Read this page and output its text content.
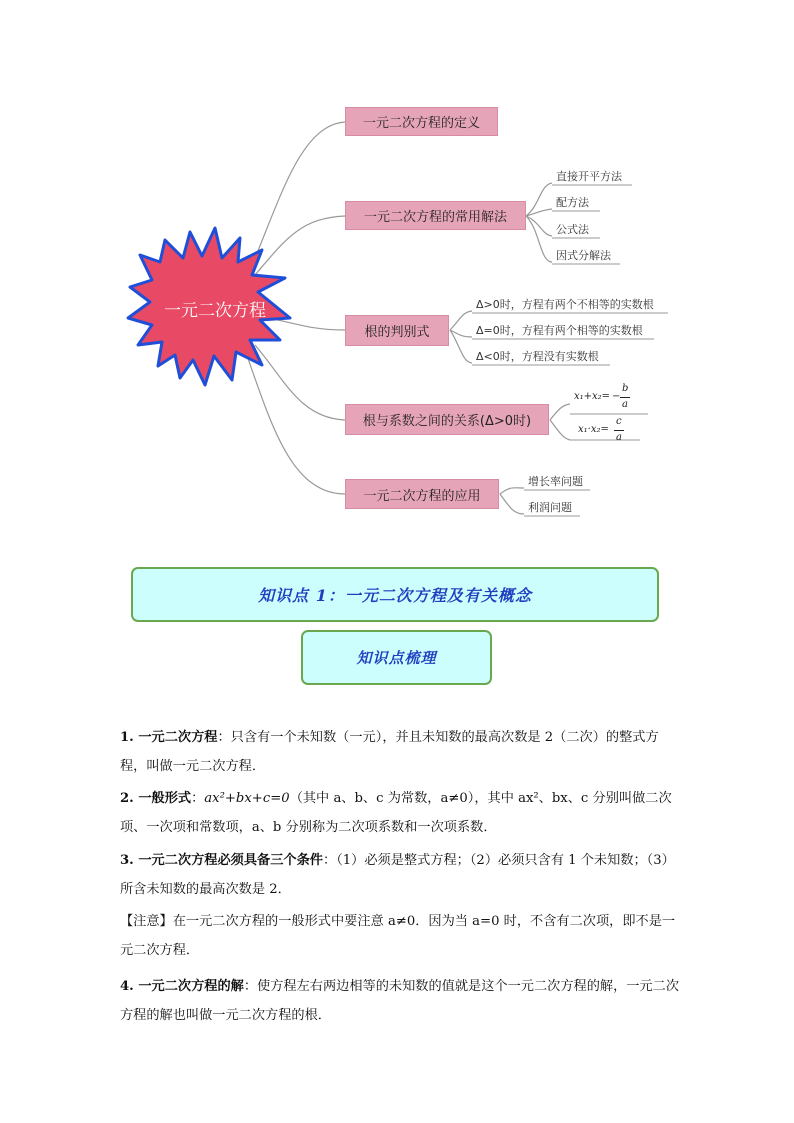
一元二次方程
一元二次方程的定义
一元二次方程的常用解法
根的判别式
根与系数之间的关系(Δ>0时)
一元二次方程的应用
直接开平方法
配方法
公式法
因式分解法
Δ>0时，方程有两个不相等的实数根
Δ=0时，方程有两个相等的实数根
Δ<0时，方程没有实数根
x₁+x₂= −
b
a
x₁·x₂=
c
a
增长率问题
利润问题
知识点 1：一元二次方程及有关概念
知识点梳理
1. 一元二次方程：只含有一个未知数（一元），并且未知数的最高次数是 2（二次）的整式方程，叫做一元二次方程．
2. 一般形式：ax²+bx+c=0（其中 a、b、c 为常数，a≠0），其中 ax²、bx、c 分别叫做二次项、一次项和常数项，a、b 分别称为二次项系数和一次项系数．
3. 一元二次方程必须具备三个条件：（1）必须是整式方程；（2）必须只含有 1 个未知数；（3）所含未知数的最高次数是 2．
【注意】在一元二次方程的一般形式中要注意 a≠0．因为当 a=0 时，不含有二次项，即不是一元二次方程．
4. 一元二次方程的解：使方程左右两边相等的未知数的值就是这个一元二次方程的解，一元二次方程的解也叫做一元二次方程的根．
